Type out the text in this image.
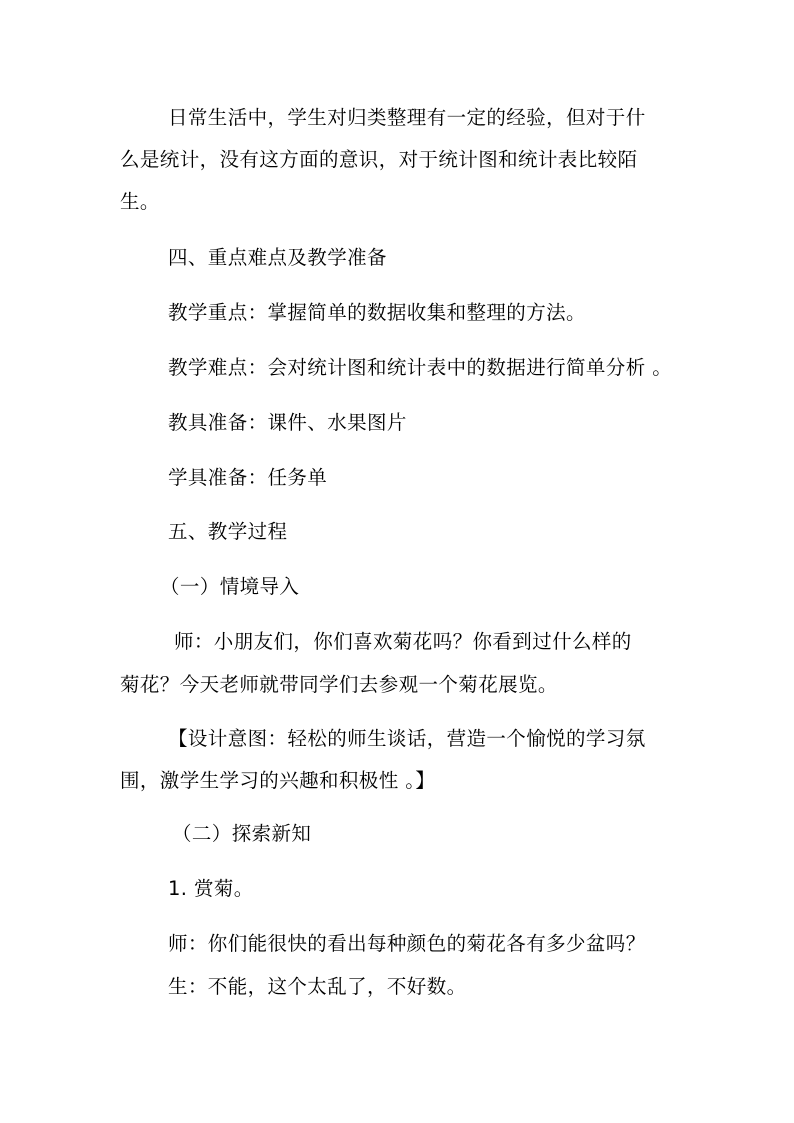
日常生活中，学生对归类整理有一定的经验，但对于什
么是统计，没有这方面的意识，对于统计图和统计表比较陌
生。
四、重点难点及教学准备
教学重点：掌握简单的数据收集和整理的方法。
教学难点：会对统计图和统计表中的数据进行简单分析 。
教具准备：课件、水果图片
学具准备：任务单
五、教学过程
（一）情境导入
师：小朋友们，你们喜欢菊花吗？你看到过什么样的
菊花？今天老师就带同学们去参观一个菊花展览。
【设计意图：轻松的师生谈话，营造一个愉悦的学习氛
围，激学生学习的兴趣和积极性 。】
（二）探索新知
1. 赏菊。
师：你们能很快的看出每种颜色的菊花各有多少盆吗？
生：不能，这个太乱了，不好数。
